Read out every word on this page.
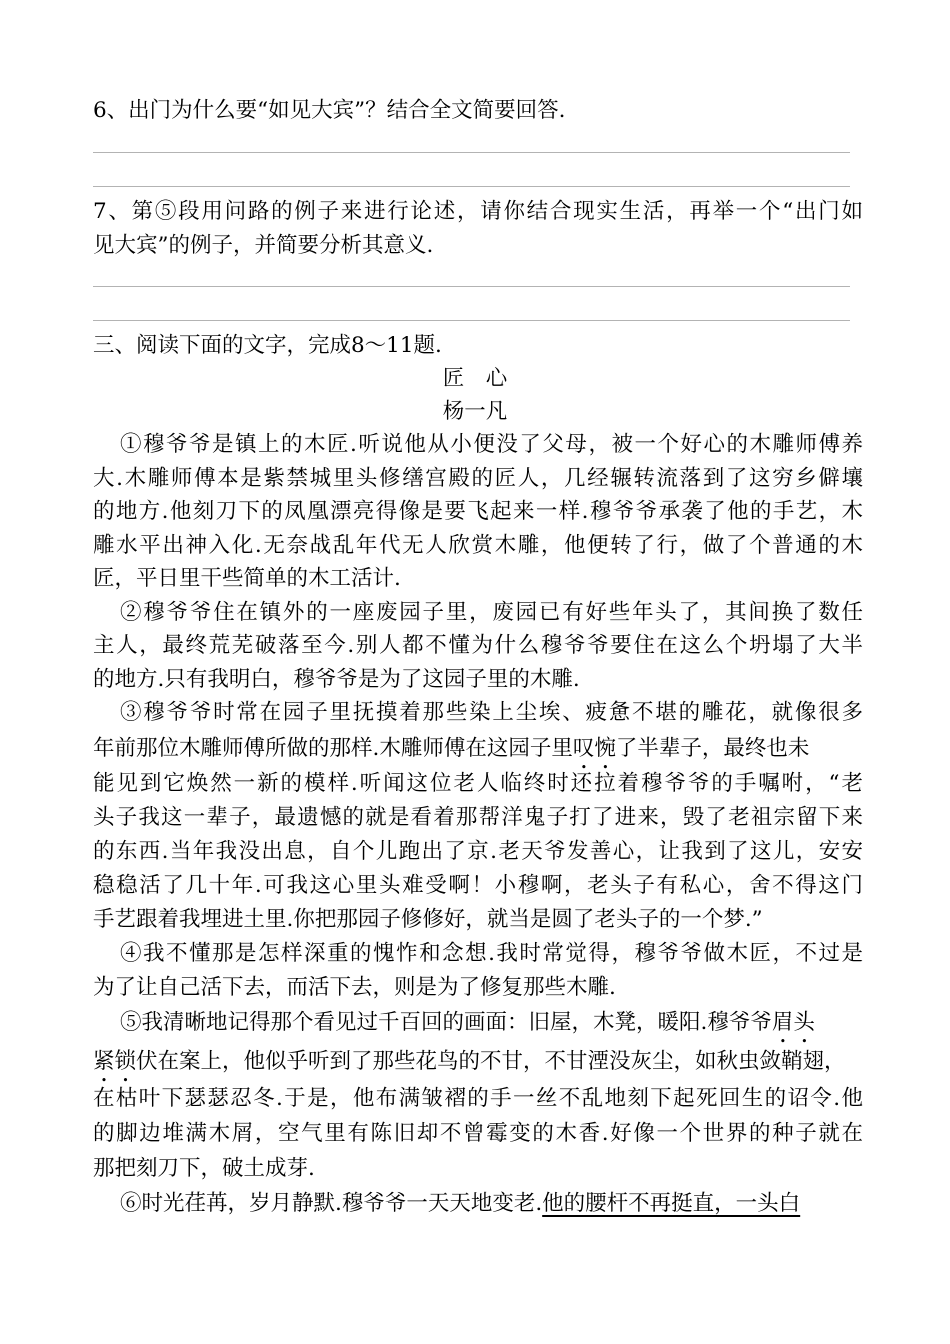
6、出门为什么要“如见大宾”？结合全文简要回答.
7、第⑤段用问路的例子来进行论述，请你结合现实生活，再举一个“出门如
见大宾”的例子，并简要分析其意义.
三、阅读下面的文字，完成8～11题.
匠　心
杨一凡
①穆爷爷是镇上的木匠.听说他从小便没了父母，被一个好心的木雕师傅养
大.木雕师傅本是紫禁城里头修缮宫殿的匠人，几经辗转流落到了这穷乡僻壤
的地方.他刻刀下的凤凰漂亮得像是要飞起来一样.穆爷爷承袭了他的手艺，木
雕水平出神入化.无奈战乱年代无人欣赏木雕，他便转了行，做了个普通的木
匠，平日里干些简单的木工活计.
②穆爷爷住在镇外的一座废园子里，废园已有好些年头了，其间换了数任
主人，最终荒芜破落至今.别人都不懂为什么穆爷爷要住在这么个坍塌了大半
的地方.只有我明白，穆爷爷是为了这园子里的木雕.
③穆爷爷时常在园子里抚摸着那些染上尘埃、疲惫不堪的雕花，就像很多
年前那位木雕师傅所做的那样.木雕师傅在这园子里叹惋了半辈子，最终也未
能见到它焕然一新的模样.听闻这位老人临终时还拉着穆爷爷的手嘱咐，“老
头子我这一辈子，最遗憾的就是看着那帮洋鬼子打了进来，毁了老祖宗留下来
的东西.当年我没出息，自个儿跑出了京.老天爷发善心，让我到了这儿，安安
稳稳活了几十年.可我这心里头难受啊！小穆啊，老头子有私心，舍不得这门
手艺跟着我埋进土里.你把那园子修修好，就当是圆了老头子的一个梦.”
④我不懂那是怎样深重的愧怍和念想.我时常觉得，穆爷爷做木匠，不过是
为了让自己活下去，而活下去，则是为了修复那些木雕.
⑤我清晰地记得那个看见过千百回的画面：旧屋，木凳，暖阳.穆爷爷眉头
紧锁伏在案上，他似乎听到了那些花鸟的不甘，不甘湮没灰尘，如秋虫敛鞘翅，
在枯叶下瑟瑟忍冬.于是，他布满皱褶的手一丝不乱地刻下起死回生的诏令.他
的脚边堆满木屑，空气里有陈旧却不曾霉变的木香.好像一个世界的种子就在
那把刻刀下，破土成芽.
⑥时光荏苒，岁月静默.穆爷爷一天天地变老.他的腰杆不再挺直，一头白
